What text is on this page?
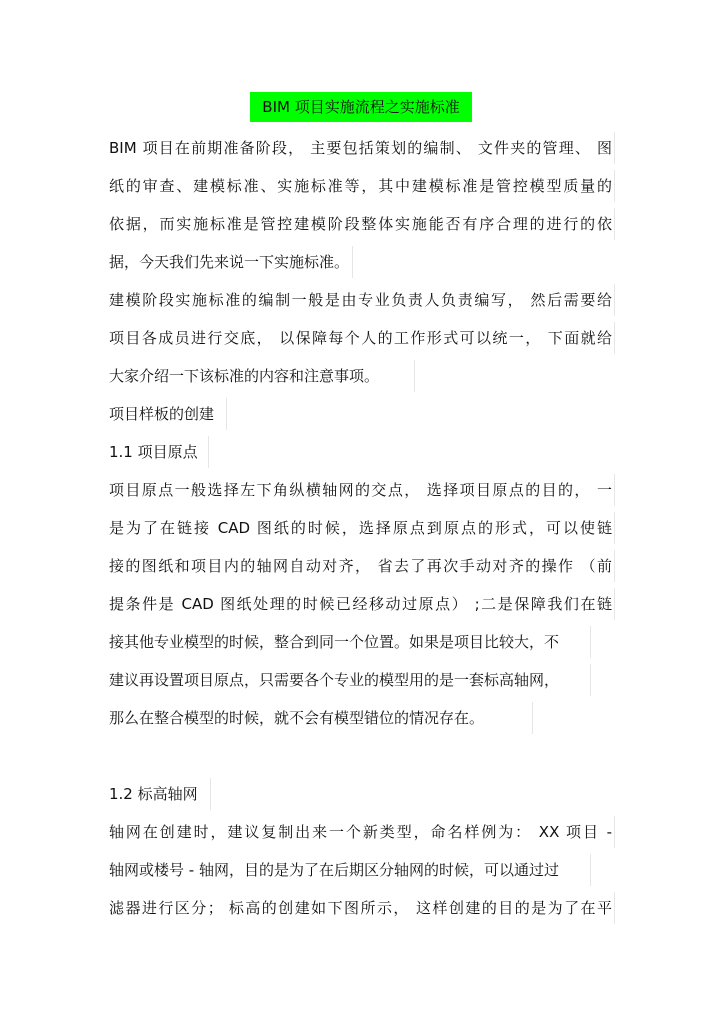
BIM 项目实施流程之实施标准
BIM 项目在前期准备阶段， 主要包括策划的编制、 文件夹的管理、 图
纸的审查、建模标准、实施标准等，其中建模标准是管控模型质量的
依据，而实施标准是管控建模阶段整体实施能否有序合理的进行的依
据，今天我们先来说一下实施标准。
建模阶段实施标准的编制一般是由专业负责人负责编写， 然后需要给
项目各成员进行交底， 以保障每个人的工作形式可以统一， 下面就给
大家介绍一下该标准的内容和注意事项。
项目样板的创建
1.1 项目原点
项目原点一般选择左下角纵横轴网的交点， 选择项目原点的目的， 一
是为了在链接 CAD 图纸的时候，选择原点到原点的形式，可以使链
接的图纸和项目内的轴网自动对齐， 省去了再次手动对齐的操作 （前
提条件是 CAD 图纸处理的时候已经移动过原点） ;二是保障我们在链
接其他专业模型的时候，整合到同一个位置。如果是项目比较大，不
建议再设置项目原点，只需要各个专业的模型用的是一套标高轴网，
那么在整合模型的时候，就不会有模型错位的情况存在。
1.2 标高轴网
轴网在创建时，建议复制出来一个新类型，命名样例为： XX 项目 -
轴网或楼号 - 轴网，目的是为了在后期区分轴网的时候，可以通过过
滤器进行区分； 标高的创建如下图所示， 这样创建的目的是为了在平
